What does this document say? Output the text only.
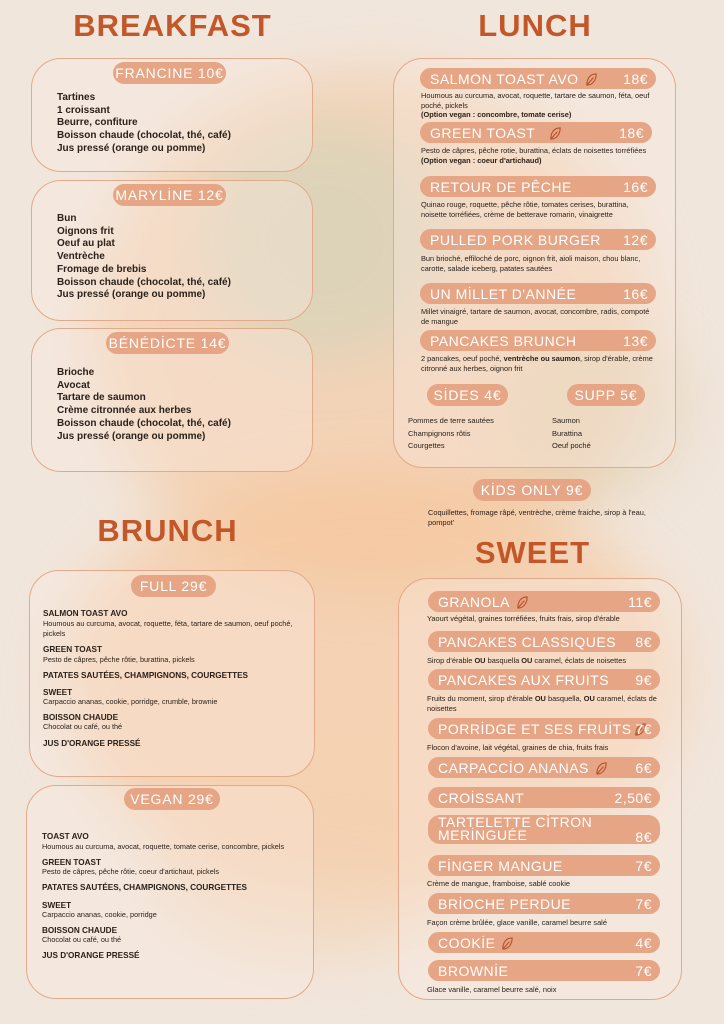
BREAKFAST
FRANCINE 10€
Tartines
1 croissant
Beurre, confiture
Boisson chaude (chocolat, thé, café)
Jus pressé (orange ou pomme)
MARYLİNE 12€
Bun
Oignons frit
Oeuf au plat
Ventrèche
Fromage de brebis
Boisson chaude (chocolat, thé, café)
Jus pressé (orange ou pomme)
BÉNÉDİCTE 14€
Brioche
Avocat
Tartare de saumon
Crème citronnée aux herbes
Boisson chaude (chocolat, thé, café)
Jus pressé (orange ou pomme)
BRUNCH
FULL 29€
SALMON TOAST AVO
Houmous au curcuma, avocat, roquette, féta, tartare de saumon, oeuf poché, pickels
GREEN TOAST
Pesto de câpres, pêche rôtie, burattina, pickels
PATATES SAUTÉES, CHAMPIGNONS, COURGETTES
SWEET
Carpaccio ananas, cookie, porridge, crumble, brownie
BOISSON CHAUDE
Chocolat ou café, ou thé
JUS D'ORANGE PRESSÉ
VEGAN 29€
TOAST AVO
Houmous au curcuma, avocat, roquette, tomate cerise, concombre, pickels
GREEN TOAST
Pesto de câpres, pêche rôtie, coeur d'artichaut, pickels
PATATES SAUTÉES, CHAMPIGNONS, COURGETTES
SWEET
Carpaccio ananas, cookie, porridge
BOISSON CHAUDE
Chocolat ou café, ou thé
JUS D'ORANGE PRESSÉ
LUNCH
SALMON TOAST AVO	18€
Houmous au curcuma, avocat, roquette, tartare de saumon, féta, oeuf poché, pickels
(Option vegan : concombre, tomate cerise)
GREEN TOAST	18€
Pesto de câpres, pêche rotie, burattina, éclats de noisettes torréfiées
(Option vegan : coeur d'artichaud)
RETOUR DE PÊCHE	16€
Quinao rouge, roquette, pêche rôtie, tomates cerises, burattina, noisette torréfiées, crème de betterave romarin, vinaigrette
PULLED PORK BURGER 12€
Bun brioché, effiloché de porc, oignon frit, aioli maison, chou blanc, carotte, salade iceberg, patates sautées
UN MİLLET D'ANNÉE	16€
Millet vinaigré, tartare de saumon, avocat, concombre, radis, compoté de mangue
PANCAKES BRUNCH	13€
2 pancakes, oeuf poché, ventrèche ou saumon, sirop d'érable, crème citronné aux herbes, oignon frit
SİDES 4€	SUPP 5€
Pommes de terre sautées
Champignons rôtis
Courgettes
Saumon
Burattina
Oeuf poché
KİDS ONLY 9€
Coquillettes, fromage râpé, ventrèche, crème fraiche, sirop à l'eau, pompot'
SWEET
GRANOLA	11€
Yaourt végétal, graines torréfiées, fruits frais, sirop d'érable
PANCAKES CLASSIQUES 8€
Sirop d'érable OU basquella OU caramel, éclats de noisettes
PANCAKES AUX FRUITS 9€
Fruits du moment, sirop d'érable OU basquella, OU caramel, éclats de noisettes
PORRİDGE ET SES FRUİTS 7€
Flocon d'avoine, lait végétal, graines de chia, fruits frais
CARPACCİO ANANAS	6€
CROİSSANT	2,50€
TARTELETTE CİTRON MERİNGUÉE	8€
FİNGER MANGUE	7€
Crème de mangue, framboise, sablé cookie
BRİOCHE PERDUE	7€
Façon crème brûlée, glace vanille, caramel beurre salé
COOKİE	4€
BROWNİE	7€
Glace vanille, caramel beurre salé, noix
